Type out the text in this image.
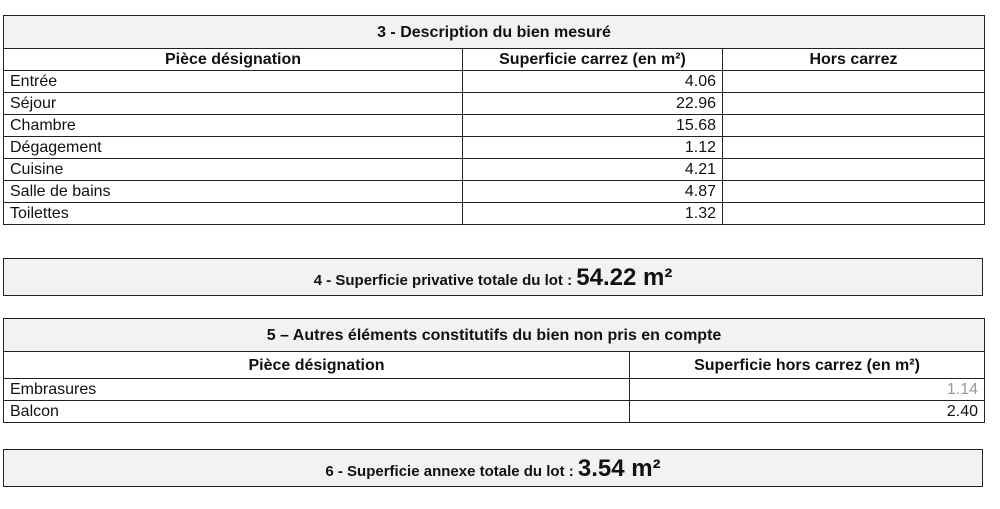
3 - Description du bien mesuré		
Pièce désignation	Superficie carrez (en m²)	Hors carrez
Entrée	4.06	
Séjour	22.96	
Chambre	15.68	
Dégagement	1.12	
Cuisine	4.21	
Salle de bains	4.87	
Toilettes	1.32	
4 - Superficie privative totale du lot : 54.22 m²
5 – Autres éléments constitutifs du bien non pris en compte	
Pièce désignation	Superficie hors carrez (en m²)
Embrasures	1.14
Balcon	2.40
6 - Superficie annexe totale du lot : 3.54 m²
